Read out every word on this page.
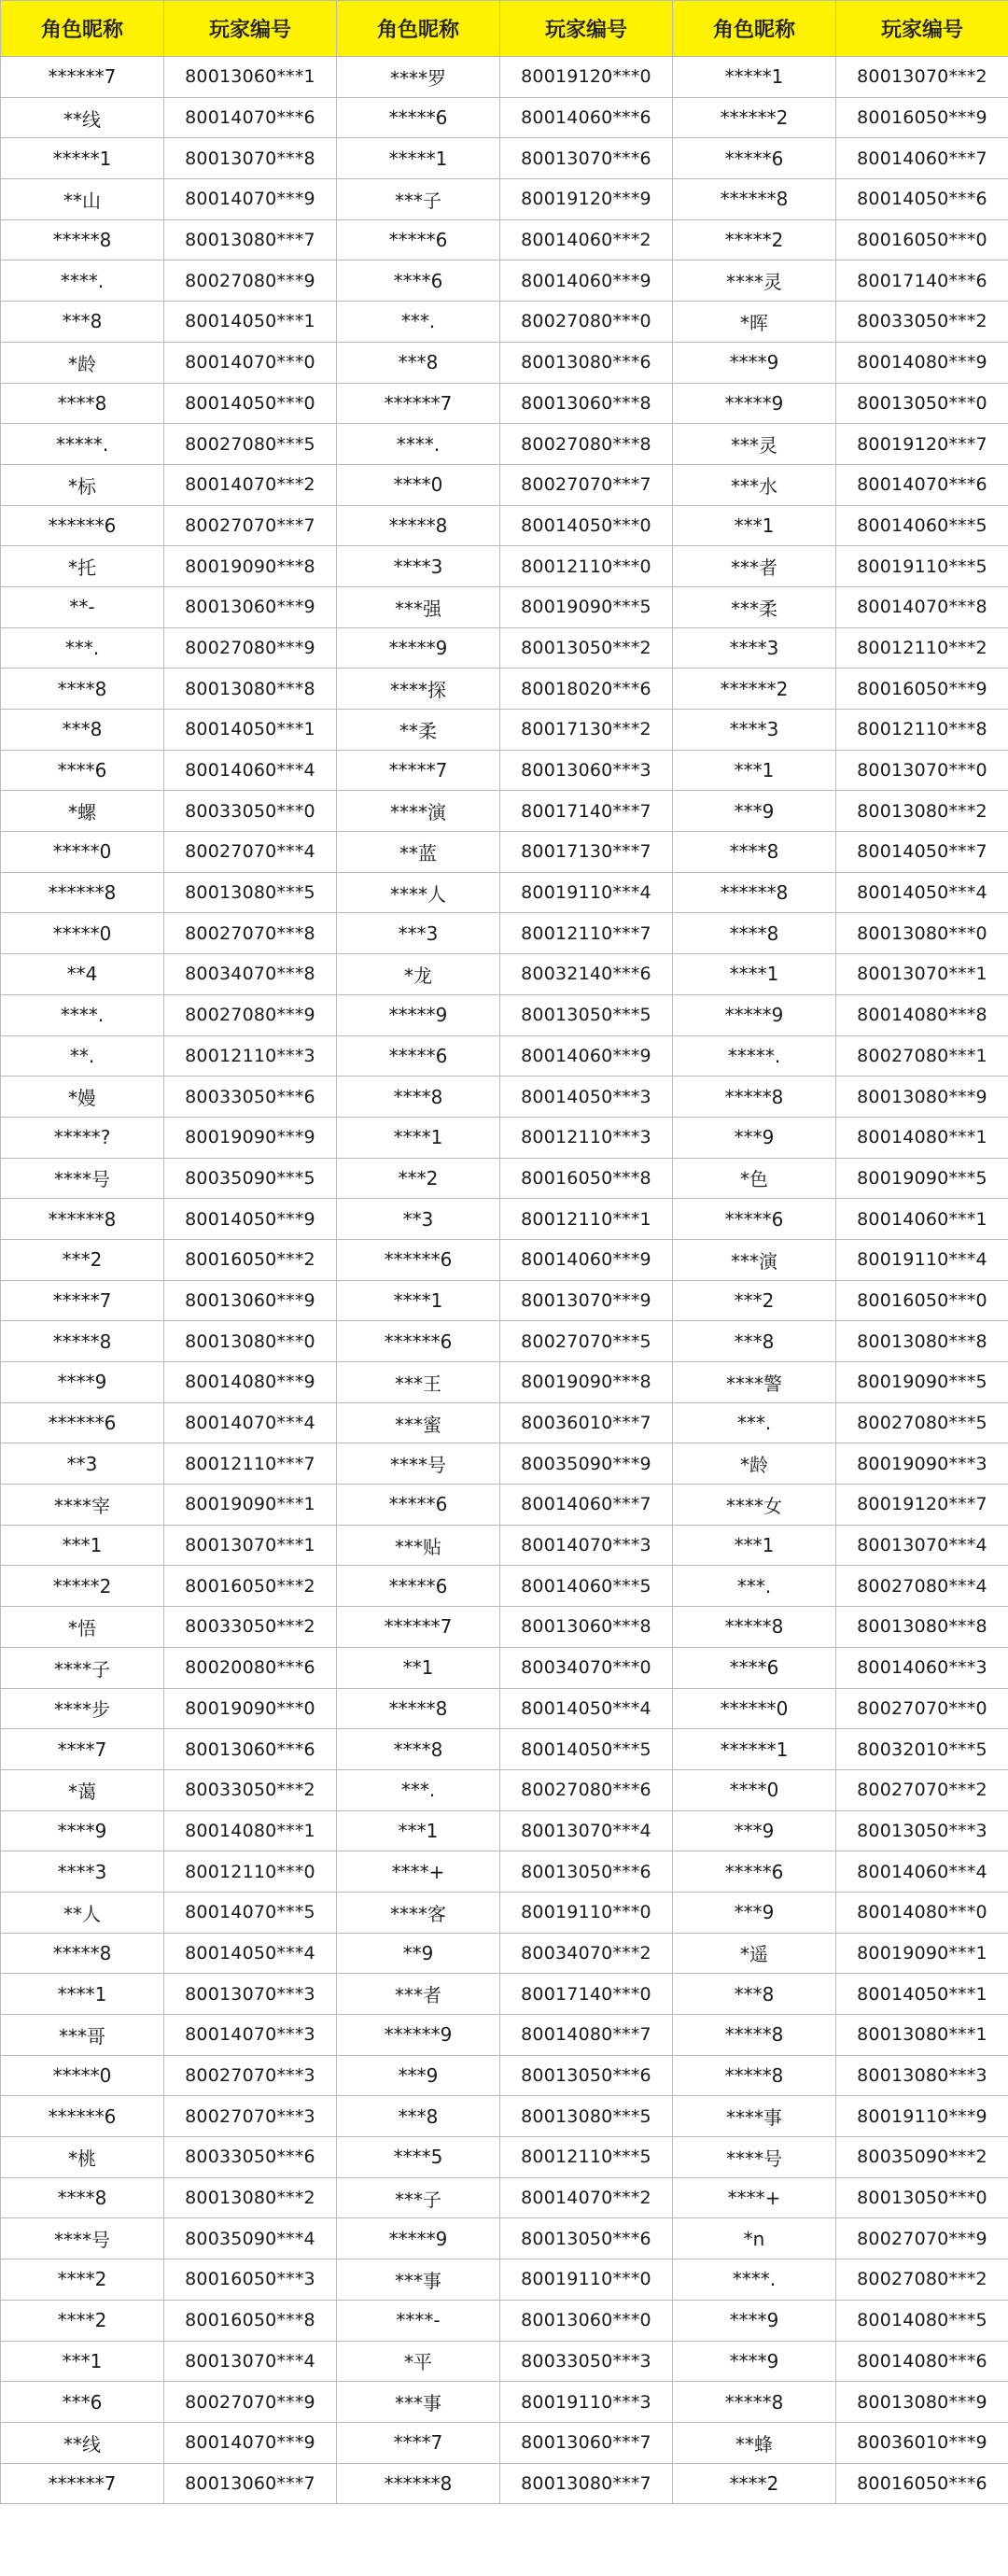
角色昵称	玩家编号	角色昵称	玩家编号	角色昵称	玩家编号
******7	80013060***1	****罗	80019120***0	*****1	80013070***2
**线	80014070***6	*****6	80014060***6	******2	80016050***9
*****1	80013070***8	*****1	80013070***6	*****6	80014060***7
**山	80014070***9	***子	80019120***9	******8	80014050***6
*****8	80013080***7	*****6	80014060***2	*****2	80016050***0
****.	80027080***9	****6	80014060***9	****灵	80017140***6
***8	80014050***1	***.	80027080***0	*晖	80033050***2
*龄	80014070***0	***8	80013080***6	****9	80014080***9
****8	80014050***0	******7	80013060***8	*****9	80013050***0
*****.	80027080***5	****.	80027080***8	***灵	80019120***7
*标	80014070***2	****0	80027070***7	***水	80014070***6
******6	80027070***7	*****8	80014050***0	***1	80014060***5
*托	80019090***8	****3	80012110***0	***者	80019110***5
**-	80013060***9	***强	80019090***5	***柔	80014070***8
***.	80027080***9	*****9	80013050***2	****3	80012110***2
****8	80013080***8	****探	80018020***6	******2	80016050***9
***8	80014050***1	**柔	80017130***2	****3	80012110***8
****6	80014060***4	*****7	80013060***3	***1	80013070***0
*螺	80033050***0	****演	80017140***7	***9	80013080***2
*****0	80027070***4	**蓝	80017130***7	****8	80014050***7
******8	80013080***5	****人	80019110***4	******8	80014050***4
*****0	80027070***8	***3	80012110***7	****8	80013080***0
**4	80034070***8	*龙	80032140***6	****1	80013070***1
****.	80027080***9	*****9	80013050***5	*****9	80014080***8
**.	80012110***3	*****6	80014060***9	*****.	80027080***1
*嫚	80033050***6	****8	80014050***3	*****8	80013080***9
*****?	80019090***9	****1	80012110***3	***9	80014080***1
****号	80035090***5	***2	80016050***8	*色	80019090***5
******8	80014050***9	**3	80012110***1	*****6	80014060***1
***2	80016050***2	******6	80014060***9	***演	80019110***4
*****7	80013060***9	****1	80013070***9	***2	80016050***0
*****8	80013080***0	******6	80027070***5	***8	80013080***8
****9	80014080***9	***王	80019090***8	****警	80019090***5
******6	80014070***4	***蜜	80036010***7	***.	80027080***5
**3	80012110***7	****号	80035090***9	*龄	80019090***3
****宰	80019090***1	*****6	80014060***7	****女	80019120***7
***1	80013070***1	***贴	80014070***3	***1	80013070***4
*****2	80016050***2	*****6	80014060***5	***.	80027080***4
*悟	80033050***2	******7	80013060***8	*****8	80013080***8
****子	80020080***6	**1	80034070***0	****6	80014060***3
****步	80019090***0	*****8	80014050***4	******0	80027070***0
****7	80013060***6	****8	80014050***5	******1	80032010***5
*蔼	80033050***2	***.	80027080***6	****0	80027070***2
****9	80014080***1	***1	80013070***4	***9	80013050***3
****3	80012110***0	****+	80013050***6	*****6	80014060***4
**人	80014070***5	****客	80019110***0	***9	80014080***0
*****8	80014050***4	**9	80034070***2	*遥	80019090***1
****1	80013070***3	***者	80017140***0	***8	80014050***1
***哥	80014070***3	******9	80014080***7	*****8	80013080***1
*****0	80027070***3	***9	80013050***6	*****8	80013080***3
******6	80027070***3	***8	80013080***5	****事	80019110***9
*桃	80033050***6	****5	80012110***5	****号	80035090***2
****8	80013080***2	***子	80014070***2	****+	80013050***0
****号	80035090***4	*****9	80013050***6	*n	80027070***9
****2	80016050***3	***事	80019110***0	****.	80027080***2
****2	80016050***8	****-	80013060***0	****9	80014080***5
***1	80013070***4	*平	80033050***3	****9	80014080***6
***6	80027070***9	***事	80019110***3	*****8	80013080***9
**线	80014070***9	****7	80013060***7	**蜂	80036010***9
******7	80013060***7	******8	80013080***7	****2	80016050***6
